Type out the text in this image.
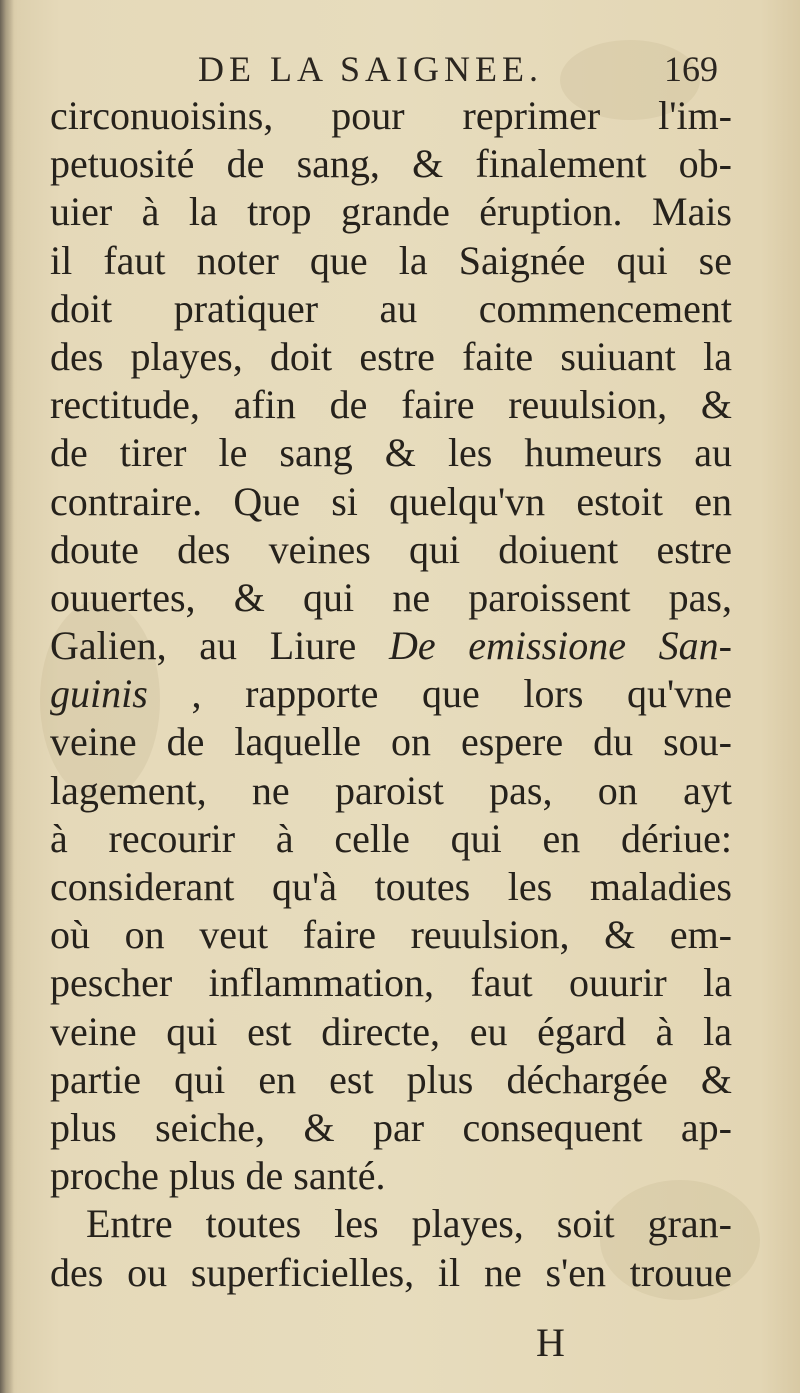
DE LA SAIGNEE.	169
circonuoisins, pour reprimer l'im-
petuosité de sang, & finalement ob-
uier à la trop grande éruption. Mais
il faut noter que la Saignée qui se
doit pratiquer au commencement
des playes, doit estre faite suiuant la
rectitude, afin de faire reuulsion, &
de tirer le sang & les humeurs au
contraire. Que si quelqu'vn estoit en
doute des veines qui doiuent estre
ouuertes, & qui ne paroissent pas,
Galien, au Liure De emissione San-
guinis , rapporte que lors qu'vne
veine de laquelle on espere du sou-
lagement, ne paroist pas, on ayt
à recourir à celle qui en dériue:
considerant qu'à toutes les maladies
où on veut faire reuulsion, & em-
pescher inflammation, faut ouurir la
veine qui est directe, eu égard à la
partie qui en est plus déchargée &
plus seiche, & par consequent ap-
proche plus de santé.
Entre toutes les playes, soit gran-
des ou superficielles, il ne s'en trouue
H
